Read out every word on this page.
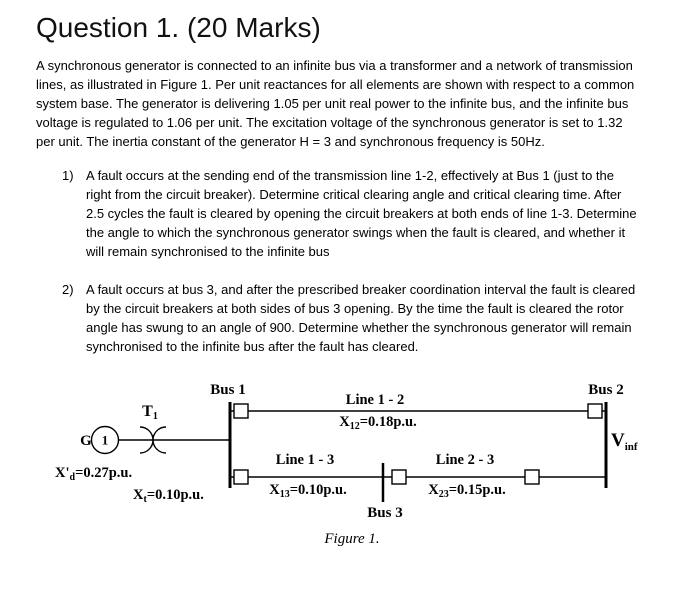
Question 1. (20 Marks)

A synchronous generator is connected to an infinite bus via a transformer and a network of transmission lines, as illustrated in Figure 1. Per unit reactances for all elements are shown with respect to a common system base. The generator is delivering 1.05 per unit real power to the infinite bus, and the infinite bus voltage is regulated to 1.06 per unit. The excitation voltage of the synchronous generator is set to 1.32 per unit. The inertia constant of the generator H = 3 and synchronous frequency is 50Hz.

1) A fault occurs at the sending end of the transmission line 1-2, effectively at Bus 1 (just to the right from the circuit breaker). Determine critical clearing angle and critical clearing time. After 2.5 cycles the fault is cleared by opening the circuit breakers at both ends of line 1-3. Determine the angle to which the synchronous generator swings when the fault is cleared, and whether it will remain synchronised to the infinite bus
2) A fault occurs at bus 3, and after the prescribed breaker coordination interval the fault is cleared by the circuit breakers at both sides of bus 3 opening. By the time the fault is cleared the rotor angle has swung to an angle of 900. Determine whether the synchronous generator will remain synchronised to the infinite bus after the fault has cleared.
G 1
Bus 1	Bus 2
Bus 3
T1
$X'_d=0.27p.u$.
$X_t=0.10p.u$.
Line 1 - 2
$X_{12}=0.18p.u$.
Line 1 - 3
$X_{13}=0.10p.u$.
Line 2 - 3
$X_{23}=0.15p.u$.
$V_{inf}$
Figure 1.
